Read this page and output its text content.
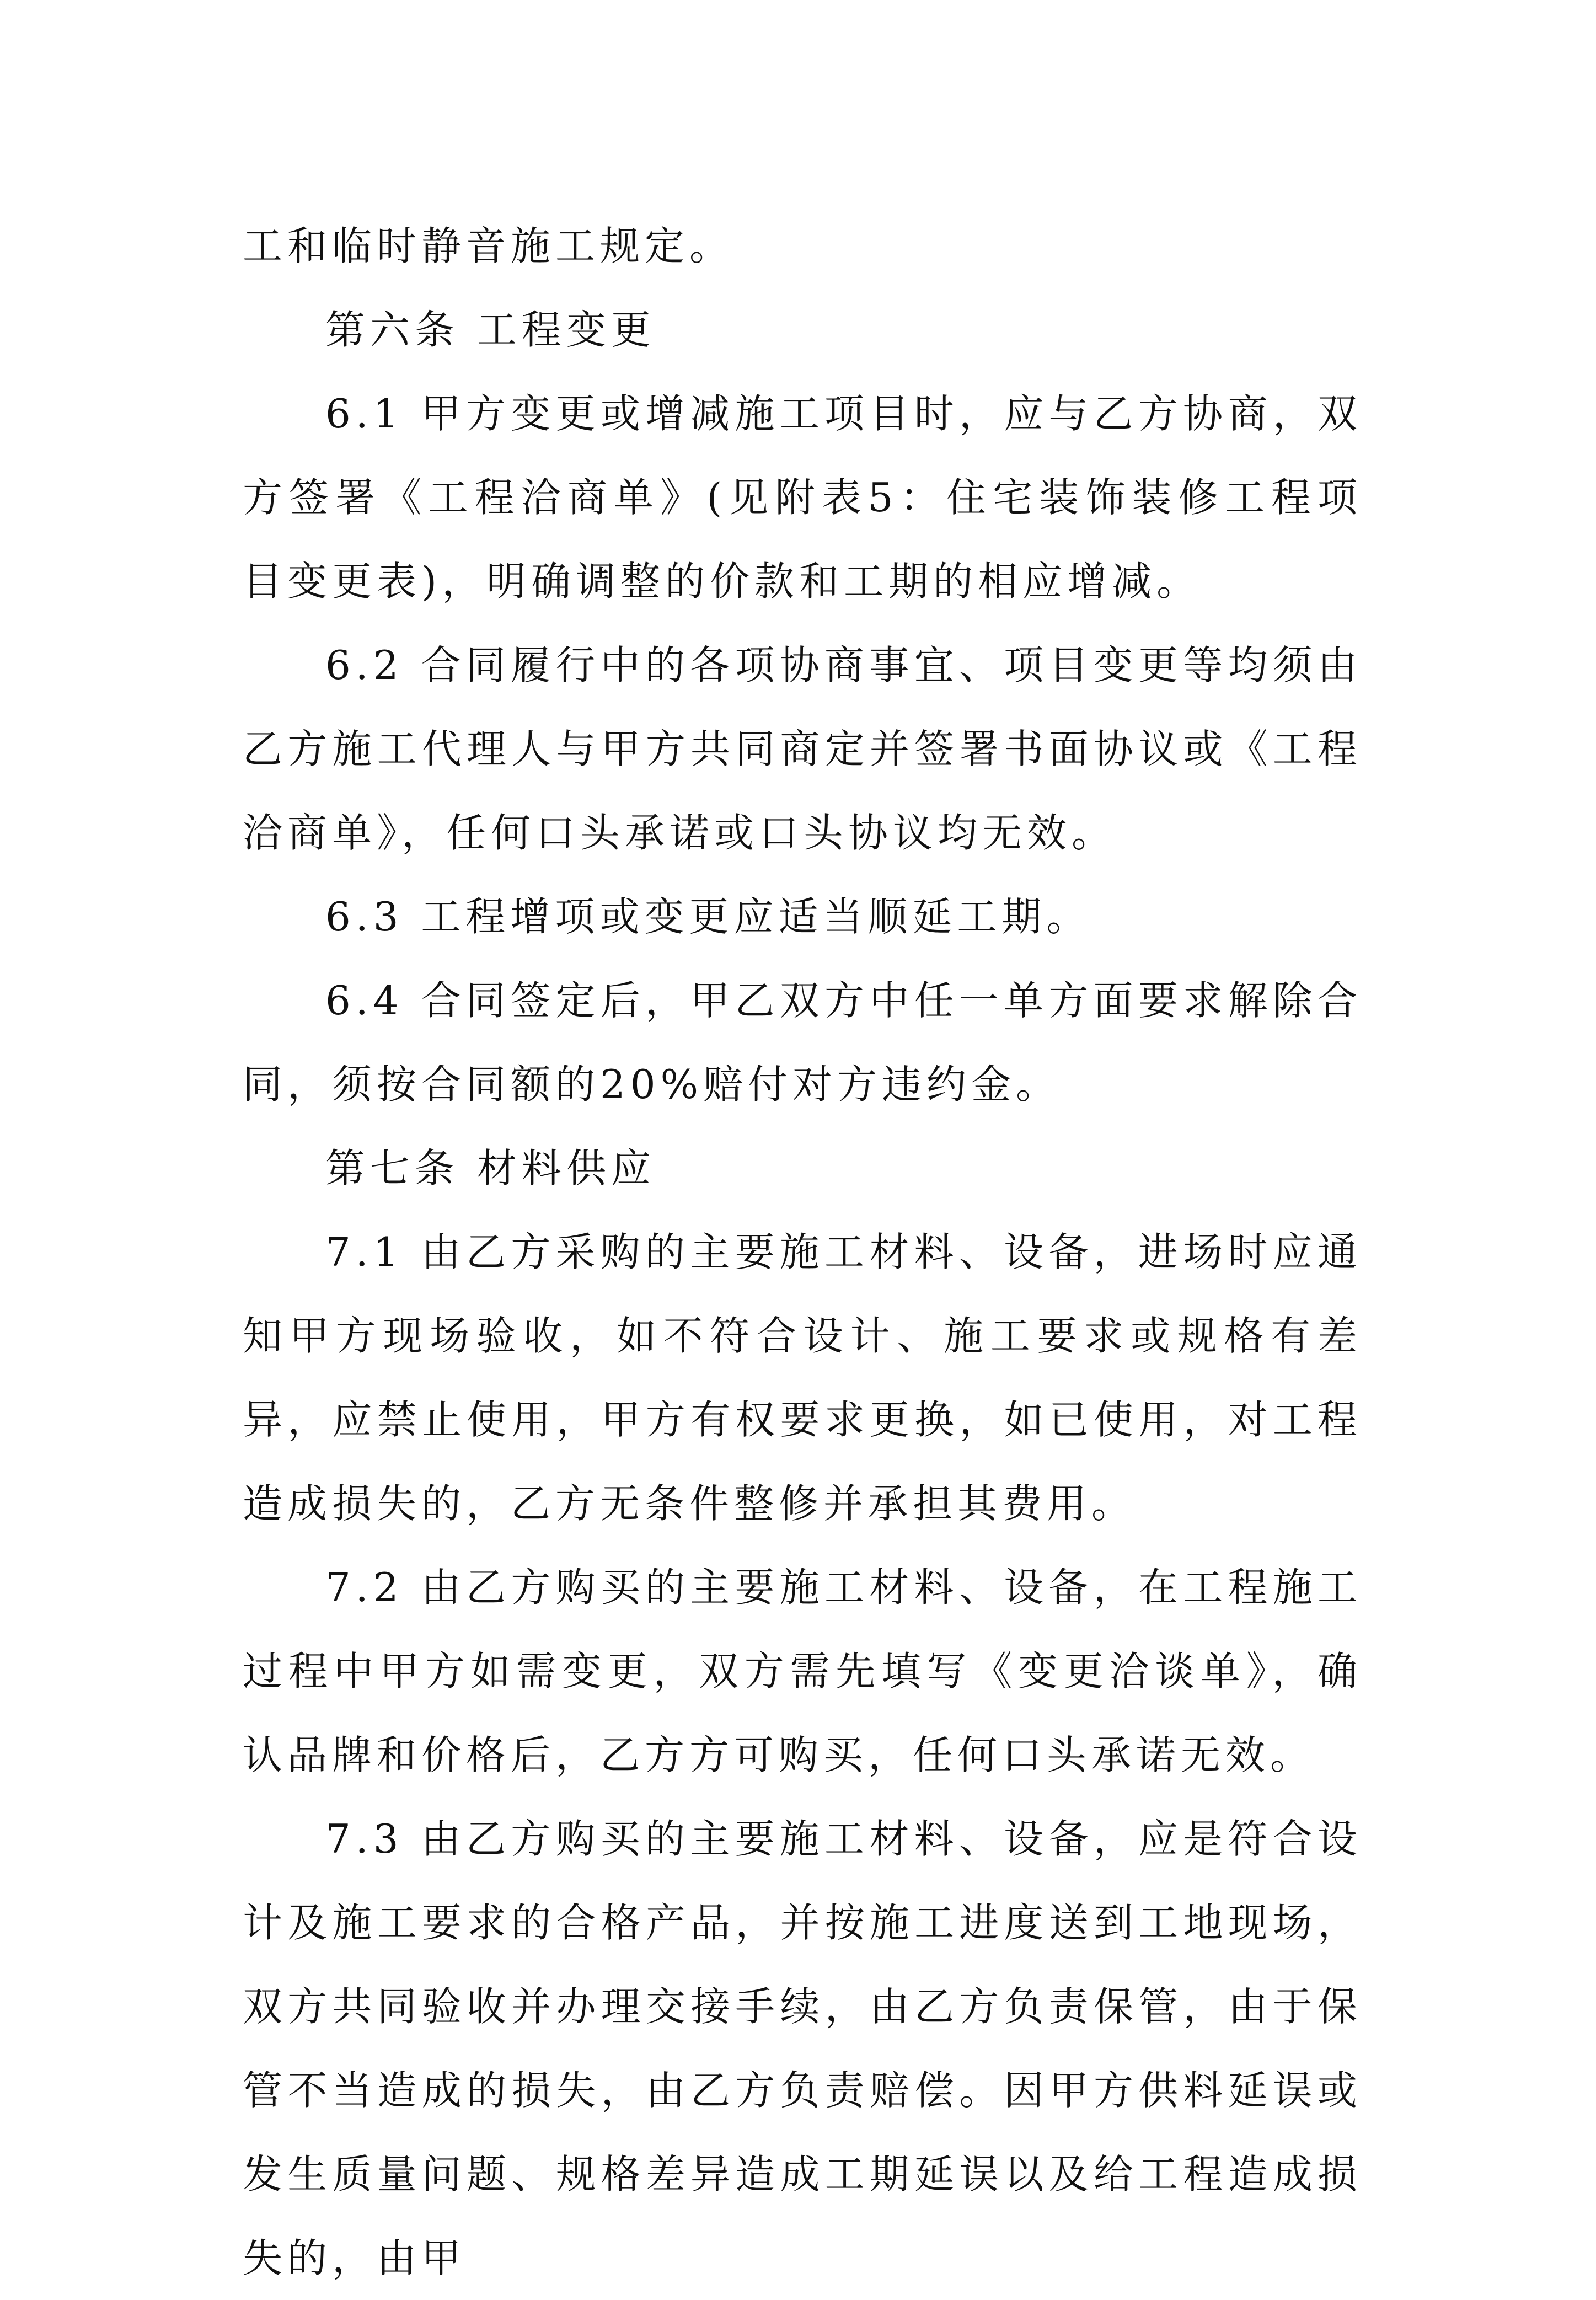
工和临时静音施工规定。

第六条 工程变更

6.1 甲方变更或增减施工项目时，应与乙方协商，双方签署《工程洽商单》(见附表5：住宅装饰装修工程项目变更表)，明确调整的价款和工期的相应增减。

6.2 合同履行中的各项协商事宜、项目变更等均须由乙方施工代理人与甲方共同商定并签署书面协议或《工程洽商单》，任何口头承诺或口头协议均无效。

6.3 工程增项或变更应适当顺延工期。

6.4 合同签定后，甲乙双方中任一单方面要求解除合同，须按合同额的20%赔付对方违约金。

第七条 材料供应

7.1 由乙方采购的主要施工材料、设备，进场时应通知甲方现场验收，如不符合设计、施工要求或规格有差异，应禁止使用，甲方有权要求更换，如已使用，对工程造成损失的，乙方无条件整修并承担其费用。

7.2 由乙方购买的主要施工材料、设备，在工程施工过程中甲方如需变更，双方需先填写《变更洽谈单》，确认品牌和价格后，乙方方可购买，任何口头承诺无效。

7.3 由乙方购买的主要施工材料、设备，应是符合设计及施工要求的合格产品，并按施工进度送到工地现场，双方共同验收并办理交接手续，由乙方负责保管，由于保管不当造成的损失，由乙方负责赔偿。因甲方供料延误或发生质量问题、规格差异造成工期延误以及给工程造成损失的，由甲
